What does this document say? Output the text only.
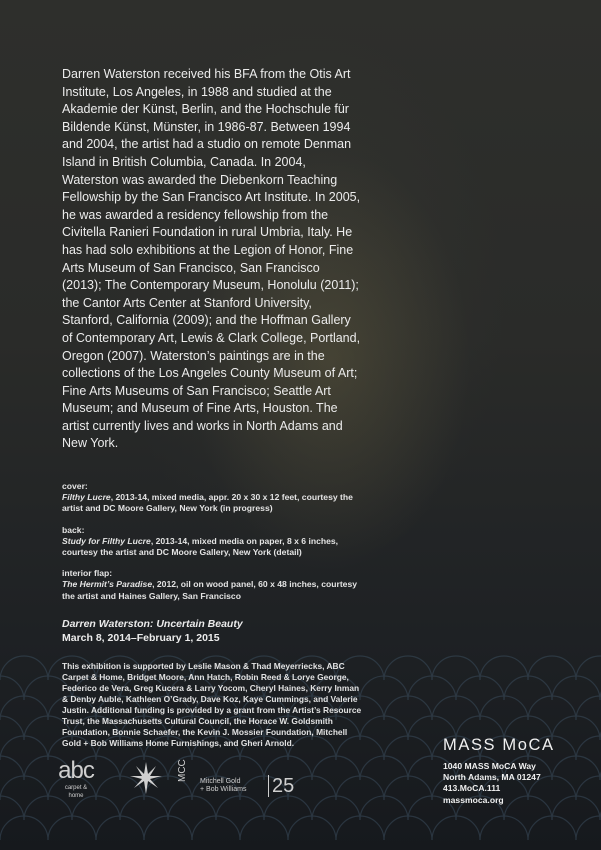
Darren Waterston received his BFA from the Otis Art Institute, Los Angeles, in 1988 and studied at the Akademie der Künst, Berlin, and the Hochschule für Bildende Künst, Münster, in 1986-87. Between 1994 and 2004, the artist had a studio on remote Denman Island in British Columbia, Canada. In 2004, Waterston was awarded the Diebenkorn Teaching Fellowship by the San Francisco Art Institute. In 2005, he was awarded a residency fellowship from the Civitella Ranieri Foundation in rural Umbria, Italy. He has had solo exhibitions at the Legion of Honor, Fine Arts Museum of San Francisco, San Francisco (2013); The Contemporary Museum, Honolulu (2011); the Cantor Arts Center at Stanford University, Stanford, California (2009); and the Hoffman Gallery of Contemporary Art, Lewis & Clark College, Portland, Oregon (2007). Waterston’s paintings are in the collections of the Los Angeles County Museum of Art; Fine Arts Museums of San Francisco; Seattle Art Museum; and Museum of Fine Arts, Houston. The artist currently lives and works in North Adams and New York.

cover:
Filthy Lucre, 2013-14, mixed media, appr. 20 x 30 x 12 feet, courtesy the artist and DC Moore Gallery, New York (in progress)
back:
Study for Filthy Lucre, 2013-14, mixed media on paper, 8 x 6 inches, courtesy the artist and DC Moore Gallery, New York (detail)
interior flap:
The Hermit’s Paradise, 2012, oil on wood panel, 60 x 48 inches, courtesy the artist and Haines Gallery, San Francisco
Darren Waterston: Uncertain Beauty
March 8, 2014–February 1, 2015

This exhibition is supported by Leslie Mason & Thad Meyerriecks, ABC Carpet & Home, Bridget Moore, Ann Hatch, Robin Reed & Lorye George, Federico de Vera, Greg Kucera & Larry Yocom, Cheryl Haines, Kerry Inman & Denby Auble, Kathleen O’Grady, Dave Koz, Kaye Cummings, and Valerie Justin. Additional funding is provided by a grant from the Artist’s Resource Trust, the Massachusetts Cultural Council, the Horace W. Goldsmith Foundation, Bonnie Schaefer, the Kevin J. Mossier Foundation, Mitchell Gold + Bob Williams Home Furnishings, and Gheri Arnold.

abc
carpet & home
MCC Mitchell Gold
+ Bob Williams 25
MASS MoCA
1040 MASS MoCA Way
North Adams, MA 01247
413.MoCA.111
massmoca.org
